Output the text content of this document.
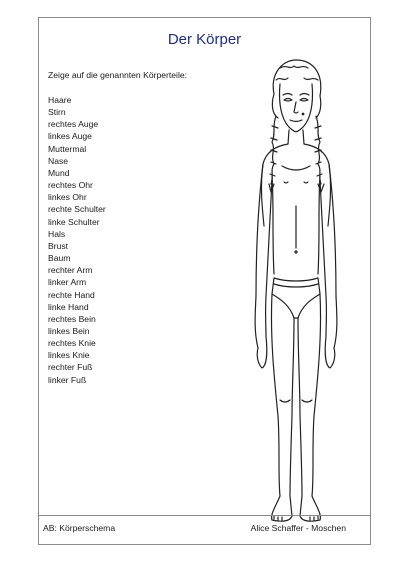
Der Körper
Zeige auf die genannten Körperteile:
Haare
Stirn
rechtes Auge
linkes Auge
Muttermal
Nase
Mund
rechtes Ohr
linkes Ohr
rechte Schulter
linke Schulter
Hals
Brust
Baum
rechter Arm
linker Arm
rechte Hand
linke Hand
rechtes Bein
linkes Bein
rechtes Knie
linkes Knie
rechter Fuß
linker Fuß
AB: Körperschema	Alice Schaffer - Moschen
